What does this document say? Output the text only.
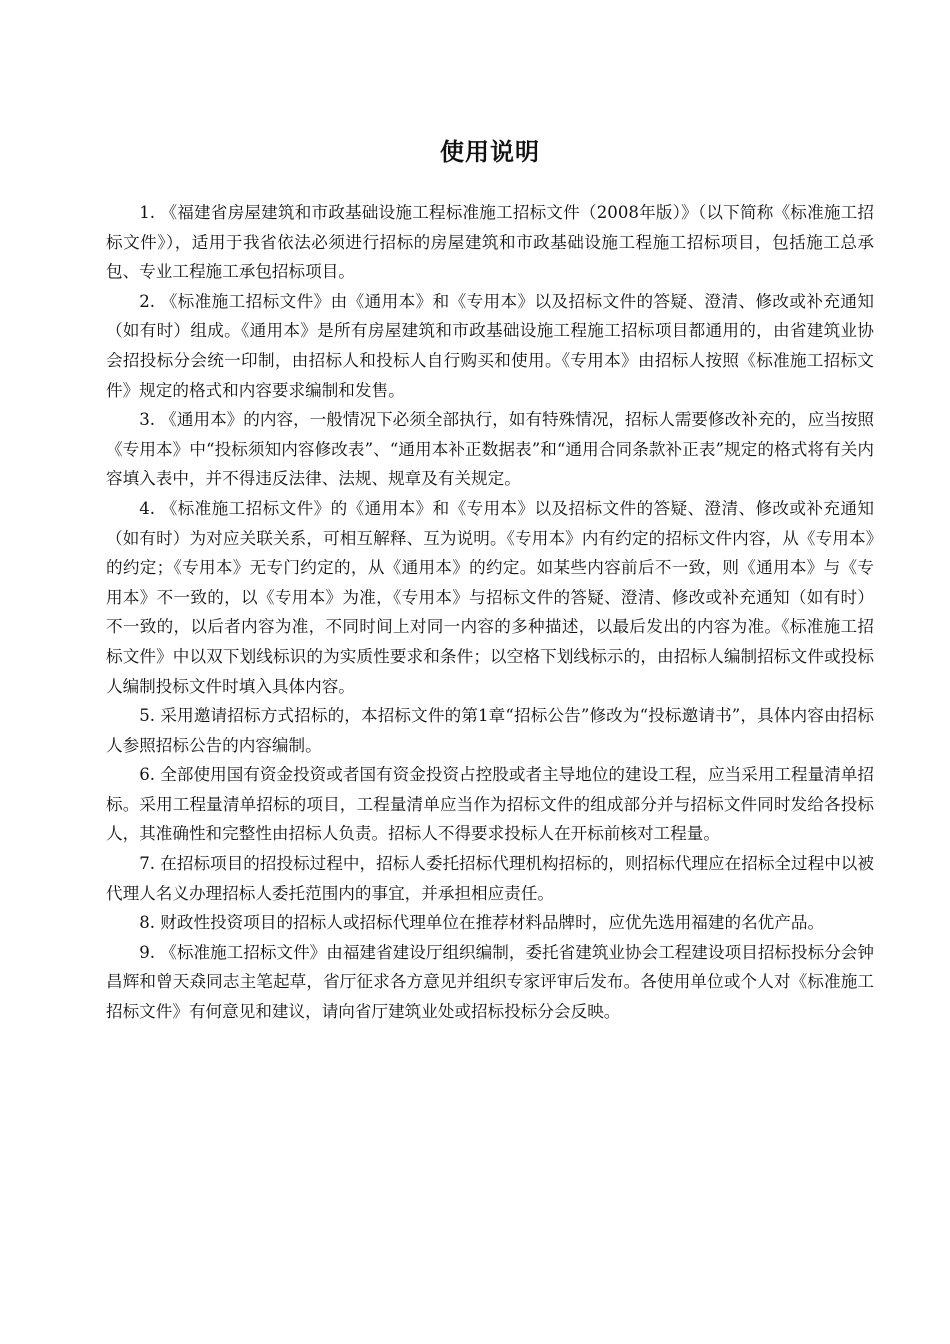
使用说明

1. 《福建省房屋建筑和市政基础设施工程标准施工招标文件（2008年版）》（以下简称《标准施工招标文件》），适用于我省依法必须进行招标的房屋建筑和市政基础设施工程施工招标项目，包括施工总承包、专业工程施工承包招标项目。

2. 《标准施工招标文件》由《通用本》和《专用本》以及招标文件的答疑、澄清、修改或补充通知（如有时）组成。《通用本》是所有房屋建筑和市政基础设施工程施工招标项目都通用的，由省建筑业协会招投标分会统一印制，由招标人和投标人自行购买和使用。《专用本》由招标人按照《标准施工招标文件》规定的格式和内容要求编制和发售。

3. 《通用本》的内容，一般情况下必须全部执行，如有特殊情况，招标人需要修改补充的，应当按照《专用本》中“投标须知内容修改表”、“通用本补正数据表”和“通用合同条款补正表”规定的格式将有关内容填入表中，并不得违反法律、法规、规章及有关规定。

4. 《标准施工招标文件》的《通用本》和《专用本》以及招标文件的答疑、澄清、修改或补充通知（如有时）为对应关联关系，可相互解释、互为说明。《专用本》内有约定的招标文件内容，从《专用本》的约定；《专用本》无专门约定的，从《通用本》的约定。如某些内容前后不一致，则《通用本》与《专用本》不一致的，以《专用本》为准，《专用本》与招标文件的答疑、澄清、修改或补充通知（如有时）不一致的，以后者内容为准，不同时间上对同一内容的多种描述，以最后发出的内容为准。《标准施工招标文件》中以双下划线标识的为实质性要求和条件；以空格下划线标示的，由招标人编制招标文件或投标人编制投标文件时填入具体内容。

5. 采用邀请招标方式招标的，本招标文件的第1章“招标公告”修改为“投标邀请书”，具体内容由招标人参照招标公告的内容编制。

6. 全部使用国有资金投资或者国有资金投资占控股或者主导地位的建设工程，应当采用工程量清单招标。采用工程量清单招标的项目，工程量清单应当作为招标文件的组成部分并与招标文件同时发给各投标人，其准确性和完整性由招标人负责。招标人不得要求投标人在开标前核对工程量。

7. 在招标项目的招投标过程中，招标人委托招标代理机构招标的，则招标代理应在招标全过程中以被代理人名义办理招标人委托范围内的事宜，并承担相应责任。

8. 财政性投资项目的招标人或招标代理单位在推荐材料品牌时，应优先选用福建的名优产品。

9. 《标准施工招标文件》由福建省建设厅组织编制，委托省建筑业协会工程建设项目招标投标分会钟昌辉和曾天猋同志主笔起草，省厅征求各方意见并组织专家评审后发布。各使用单位或个人对《标准施工招标文件》有何意见和建议，请向省厅建筑业处或招标投标分会反映。
